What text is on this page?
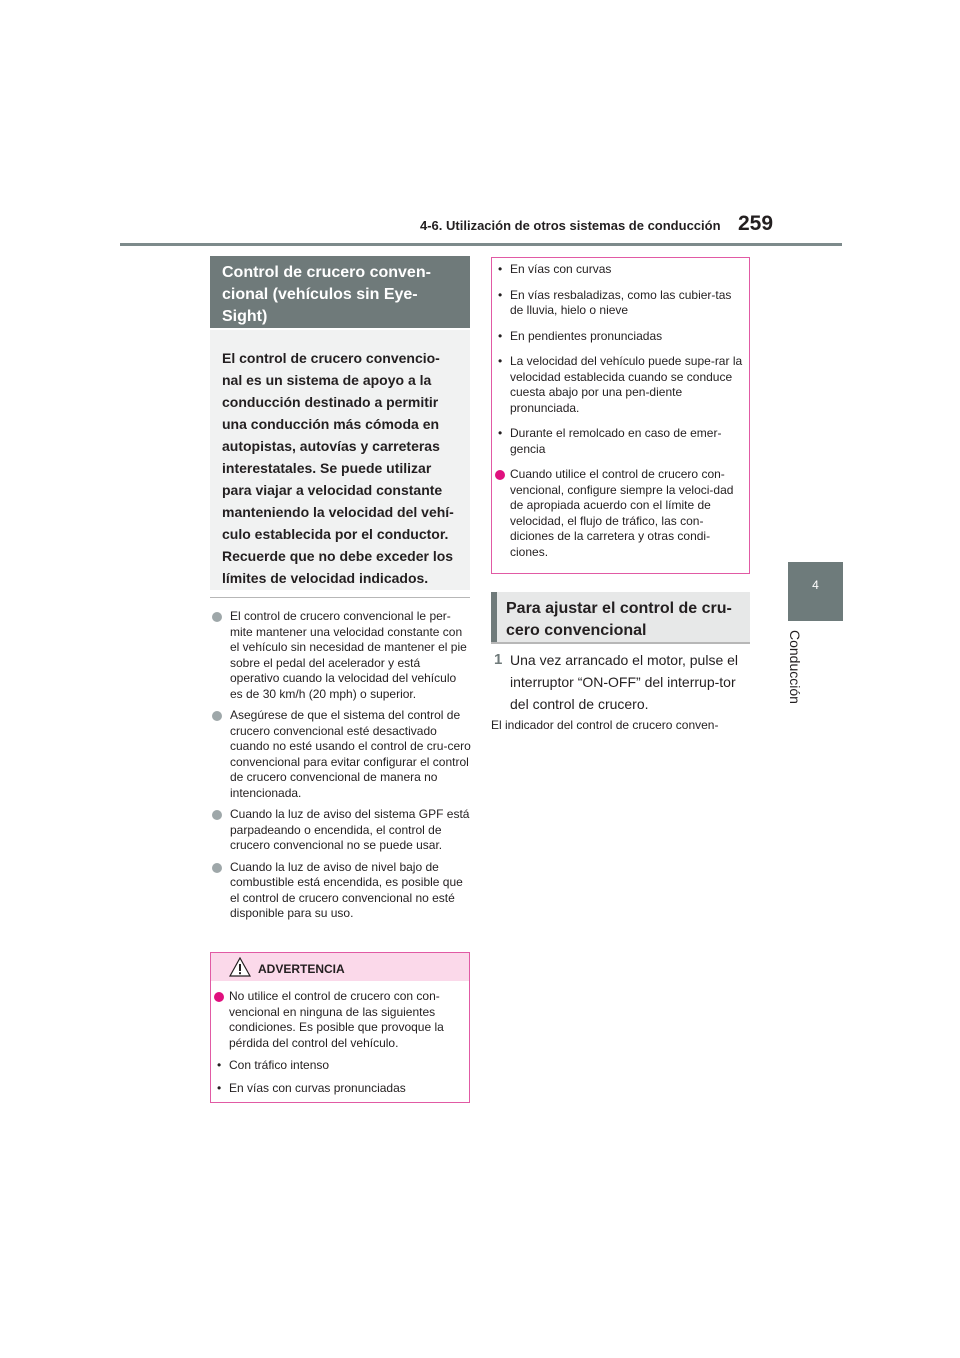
4-6. Utilización de otros sistemas de conducción 259
4
Conducción
Control de crucero conven-cional (vehículos sin Eye-Sight)
El control de crucero convencio-nal es un sistema de apoyo a la conducción destinado a permitir una conducción más cómoda en autopistas, autovías y carreteras interestatales. Se puede utilizar para viajar a velocidad constante manteniendo la velocidad del vehí-culo establecida por el conductor. Recuerde que no debe exceder los límites de velocidad indicados.
El control de crucero convencional le per-mite mantener una velocidad constante con el vehículo sin necesidad de mantener el pie sobre el pedal del acelerador y está operativo cuando la velocidad del vehículo es de 30 km/h (20 mph) o superior.
Asegúrese de que el sistema del control de crucero convencional esté desactivado cuando no esté usando el control de cru-cero convencional para evitar configurar el control de crucero convencional de manera no intencionada.
Cuando la luz de aviso del sistema GPF está parpadeando o encendida, el control de crucero convencional no se puede usar.
Cuando la luz de aviso de nivel bajo de combustible está encendida, es posible que el control de crucero convencional no esté disponible para su uso.
ADVERTENCIA
No utilice el control de crucero con con-vencional en ninguna de las siguientes condiciones. Es posible que provoque la pérdida del control del vehículo.
• Con tráfico intenso
• En vías con curvas pronunciadas
• En vías con curvas
• En vías resbaladizas, como las cubier-tas de lluvia, hielo o nieve
• En pendientes pronunciadas
• La velocidad del vehículo puede supe-rar la velocidad establecida cuando se conduce cuesta abajo por una pen-diente pronunciada.
• Durante el remolcado en caso de emer-gencia
Cuando utilice el control de crucero con-vencional, configure siempre la veloci-dad de apropiada acuerdo con el límite de velocidad, el flujo de tráfico, las con-diciones de la carretera y otras condi-ciones.
Para ajustar el control de cru-cero convencional
1 Una vez arrancado el motor, pulse el interruptor “ON-OFF” del interrup-tor del control de crucero.
El indicador del control de crucero conven-
